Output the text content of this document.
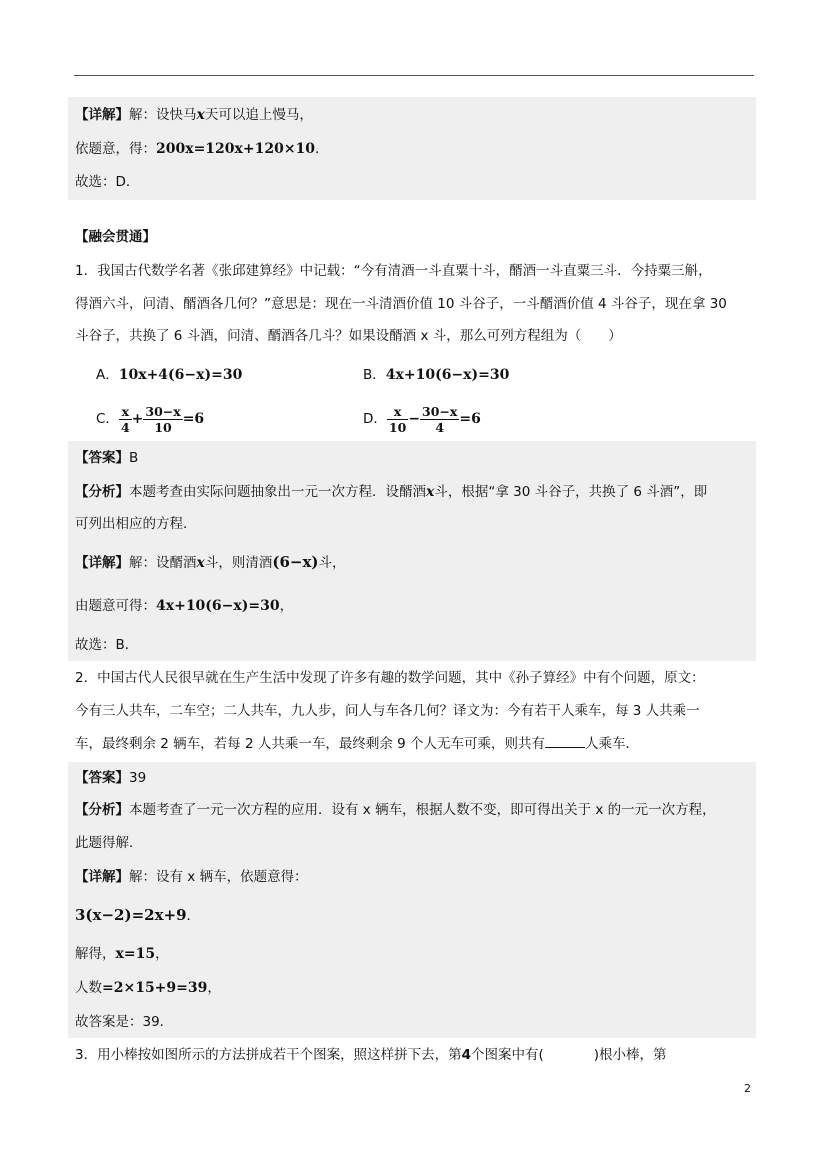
【详解】解：设快马x天可以追上慢马，
依题意，得：200x=120x+120×10．
故选：D．
【融会贯通】
1．我国古代数学名著《张邱建算经》中记载：“今有清酒一斗直粟十斗，醑酒一斗直粟三斗．今持粟三斛，
得酒六斗，问清、醑酒各几何？”意思是：现在一斗清酒价值 10 斗谷子，一斗醑酒价值 4 斗谷子，现在拿 30
斗谷子，共换了 6 斗酒，问清、醑酒各几斗？如果设醑酒 x 斗，那么可列方程组为（　　）
A．10x+4(6−x)=30	B．4x+10(6−x)=30
C． $\frac{x}{4} + \frac{30-x}{10} =6$	D． $\frac{x}{10} - \frac{30-x}{4} =6$
【答案】B
【分析】本题考查由实际问题抽象出一元一次方程．设醑酒x斗，根据“拿 30 斗谷子，共换了 6 斗酒”，即
可列出相应的方程．
【详解】解：设醑酒x斗，则清酒(6−x)斗，
由题意可得：4x+10(6−x)=30，
故选：B．
2．中国古代人民很早就在生产生活中发现了许多有趣的数学问题，其中《孙子算经》中有个问题，原文：
今有三人共车，二车空；二人共车，九人步，问人与车各几何？译文为：今有若干人乘车，每 3 人共乘一
车，最终剩余 2 辆车，若每 2 人共乘一车，最终剩余 9 个人无车可乘，则共有	人乘车．
【答案】39
【分析】本题考查了一元一次方程的应用．设有 x 辆车，根据人数不变，即可得出关于 x 的一元一次方程，
此题得解．
【详解】解：设有 x 辆车，依题意得：
3(x−2)=2x+9．
解得，x=15，
人数=2×15+9=39，
故答案是：39．
3．用小棒按如图所示的方法拼成若干个图案，照这样拼下去，第4个图案中有(	)根小棒，第
2
